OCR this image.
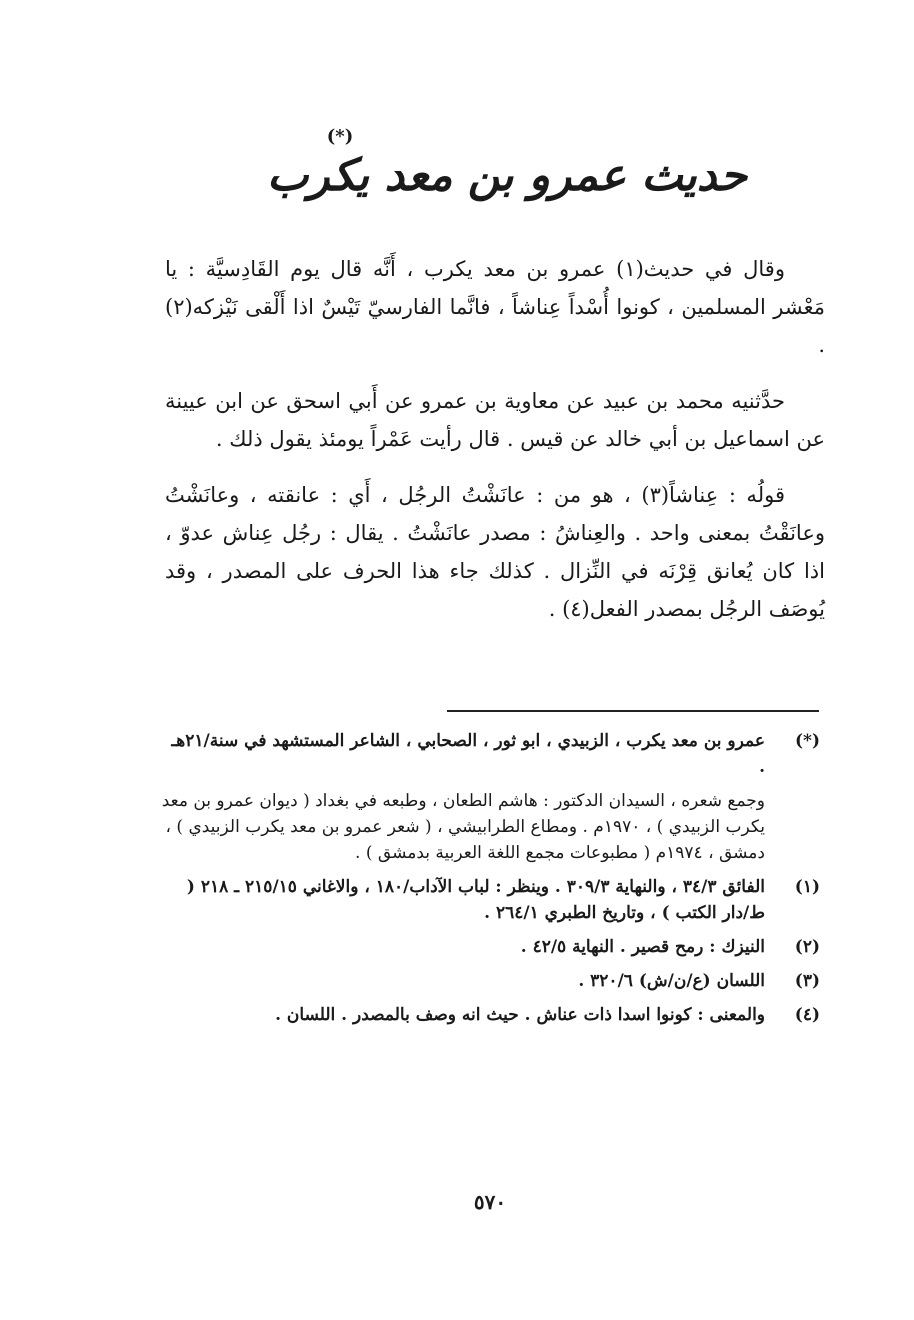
(*)
حديث عمرو بن معد يكرب

وقال في حديث(١) عمرو بن معد يكرب ، أَنَّه قال يوم القَادِسيَّة : يا مَعْشر المسلمين ، كونوا أُسْداً عِناشاً ، فانَّما الفارسيّ تَيْسٌ اذا أَلْقى نَيْزكه(٢) .

حدَّثنيه محمد بن عبيد عن معاوية بن عمرو عن أَبي اسحق عن ابن عيينة عن اسماعيل بن أبي خالد عن قيس . قال رأيت عَمْراً يومئذ يقول ذلك .

قولُه : عِناشاً(٣) ، هو من : عانَشْتُ الرجُل ، أَي : عانقته ، وعانَشْتُ وعانَقْتُ بمعنى واحد . والعِناشُ : مصدر عانَشْتُ . يقال : رجُل عِناش عدوّ ، اذا كان يُعانق قِرْنَه في النِّزال . كذلك جاء هذا الحرف على المصدر ، وقد يُوصَف الرجُل بمصدر الفعل(٤) .

(*)
عمرو بن معد يكرب ، الزبيدي ، ابو ثور ، الصحابي ، الشاعر المستشهد في سنة/٢١هـ .
وجمع شعره ، السيدان الدكتور : هاشم الطعان ، وطبعه في بغداد ( ديوان عمرو بن معد يكرب الزبيدي ) ، ١٩٧٠م . ومطاع الطرابيشي ، ( شعر عمرو بن معد يكرب الزبيدي ) ، دمشق ، ١٩٧٤م ( مطبوعات مجمع اللغة العربية بدمشق ) .
(١)
الفائق ٣٤/٣ ، والنهاية ٣٠٩/٣ . وينظر : لباب الآداب/١٨٠ ، والاغاني ٢١٥/١٥ ـ ٢١٨ ( ط/دار الكتب ) ، وتاريخ الطبري ٢٦٤/١ .
(٢)
النيزك : رمح قصير . النهاية ٤٢/٥ .
(٣)
اللسان (ع/ن/ش) ٣٢٠/٦ .
(٤)
والمعنى : كونوا اسدا ذات عناش . حيث انه وصف بالمصدر . اللسان .
٥٧٠
